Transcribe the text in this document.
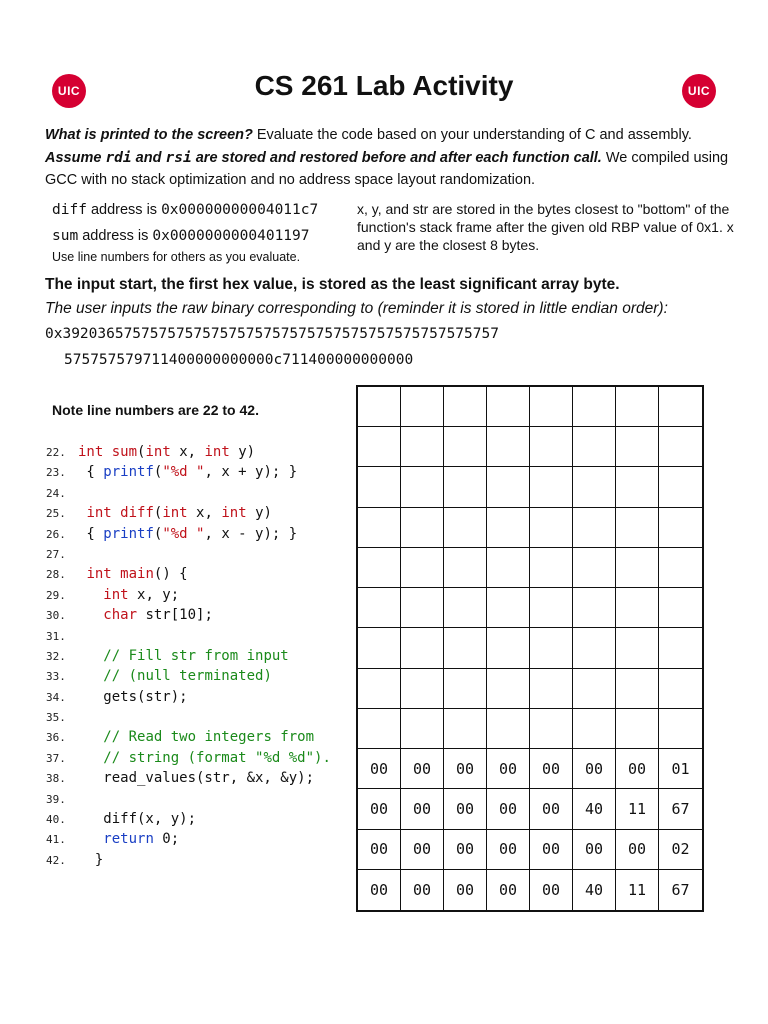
UIC	CS 261 Lab Activity	UIC
What is printed to the screen? Evaluate the code based on your understanding of C and assembly.
Assume rdi and rsi are stored and restored before and after each function call. We compiled using GCC with no stack optimization and no address space layout randomization.
diff address is 0x00000000004011c7
sum address is 0x0000000000401197
Use line numbers for others as you evaluate.
x, y, and str are stored in the bytes closest to "bottom" of the function's stack frame after the given old RBP value of 0x1. x and y are the closest 8 bytes.
The input start, the first hex value, is stored as the least significant array byte.
The user inputs the raw binary corresponding to (reminder it is stored in little endian order):
0x39203657575757575757575757575757575757575757575757
575757579711400000000000c711400000000000
Note line numbers are 22 to 42.
22. int sum(int x, int y)
23. { printf("%d ", x + y); }
24.
25. int diff(int x, int y)
26. { printf("%d ", x - y); }
27.
28. int main() {
29.	int x, y;
30.	char str[10];
31.
32.	// Fill str from input
33.	// (null terminated)
34.   gets(str);
35.
36.	// Read two integers from
37.	// string (format "%d %d").
38.   read_values(str, &x, &y);
39.
40.   diff(x, y);
41.	return 0;
42.  }
00	00	00	00	00	00	00	01
00	00	00	00	00	40	11	67
00	00	00	00	00	00	00	02
00	00	00	00	00	40	11	67
